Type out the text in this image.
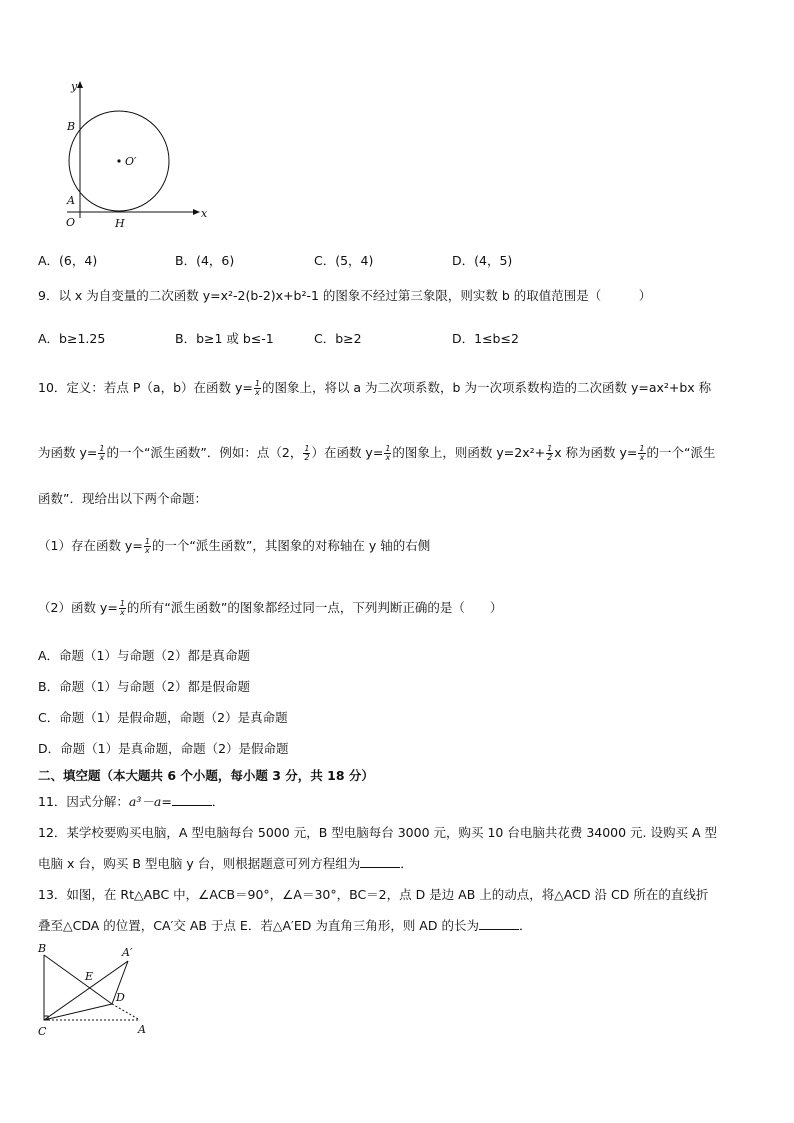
y
x
B
O′
A
O	H
A．(6，4)	B．(4，6)	C．(5，4)	D．(4，5)
9．以 x 为自变量的二次函数 y=x²-2(b-2)x+b²-1 的图象不经过第三象限，则实数 b 的取值范围是（　　　）
A．b≥1.25	B．b≥1 或 b≤-1	C．b≥2	D．1≤b≤2
10．定义：若点 P（a，b）在函数 $y= \frac{1}{x}$ 的图象上，将以 a 为二次项系数，b 为一次项系数构造的二次函数 y=ax²+bx 称
为函数 $y= \frac{1}{x}$ 的一个“派生函数”．例如：点（2， $\frac{1}{2}$ ）在函数 $y= \frac{1}{x}$ 的图象上，则函数 $y=2x^2+ \frac{1}{2}$ x 称为函数 $y= \frac{1}{x}$ 的一个“派生
函数”．现给出以下两个命题：
（1）存在函数 $y= \frac{1}{x}$ 的一个“派生函数”，其图象的对称轴在 y 轴的右侧
（2）函数 $y= \frac{1}{x}$ 的所有“派生函数”的图象都经过同一点，下列判断正确的是（　　）
A．命题（1）与命题（2）都是真命题
B．命题（1）与命题（2）都是假命题
C．命题（1）是假命题，命题（2）是真命题
D．命题（1）是真命题，命题（2）是假命题
二、填空题（本大题共 6 个小题，每小题 3 分，共 18 分）
11．因式分解：a³－a=	．
12．某学校要购买电脑，A 型电脑每台 5000 元，B 型电脑每台 3000 元，购买 10 台电脑共花费 34000 元. 设购买 A 型
电脑 x 台，购买 B 型电脑 y 台，则根据题意可列方程组为	．
13．如图，在 Rt△ABC 中，∠ACB＝90°，∠A＝30°，BC＝2，点 D 是边 AB 上的动点，将△ACD 沿 CD 所在的直线折
叠至△CDA 的位置，CA′交 AB 于点 E．若△A′ED 为直角三角形，则 AD 的长为	．
B	A′
E
D
C	A
